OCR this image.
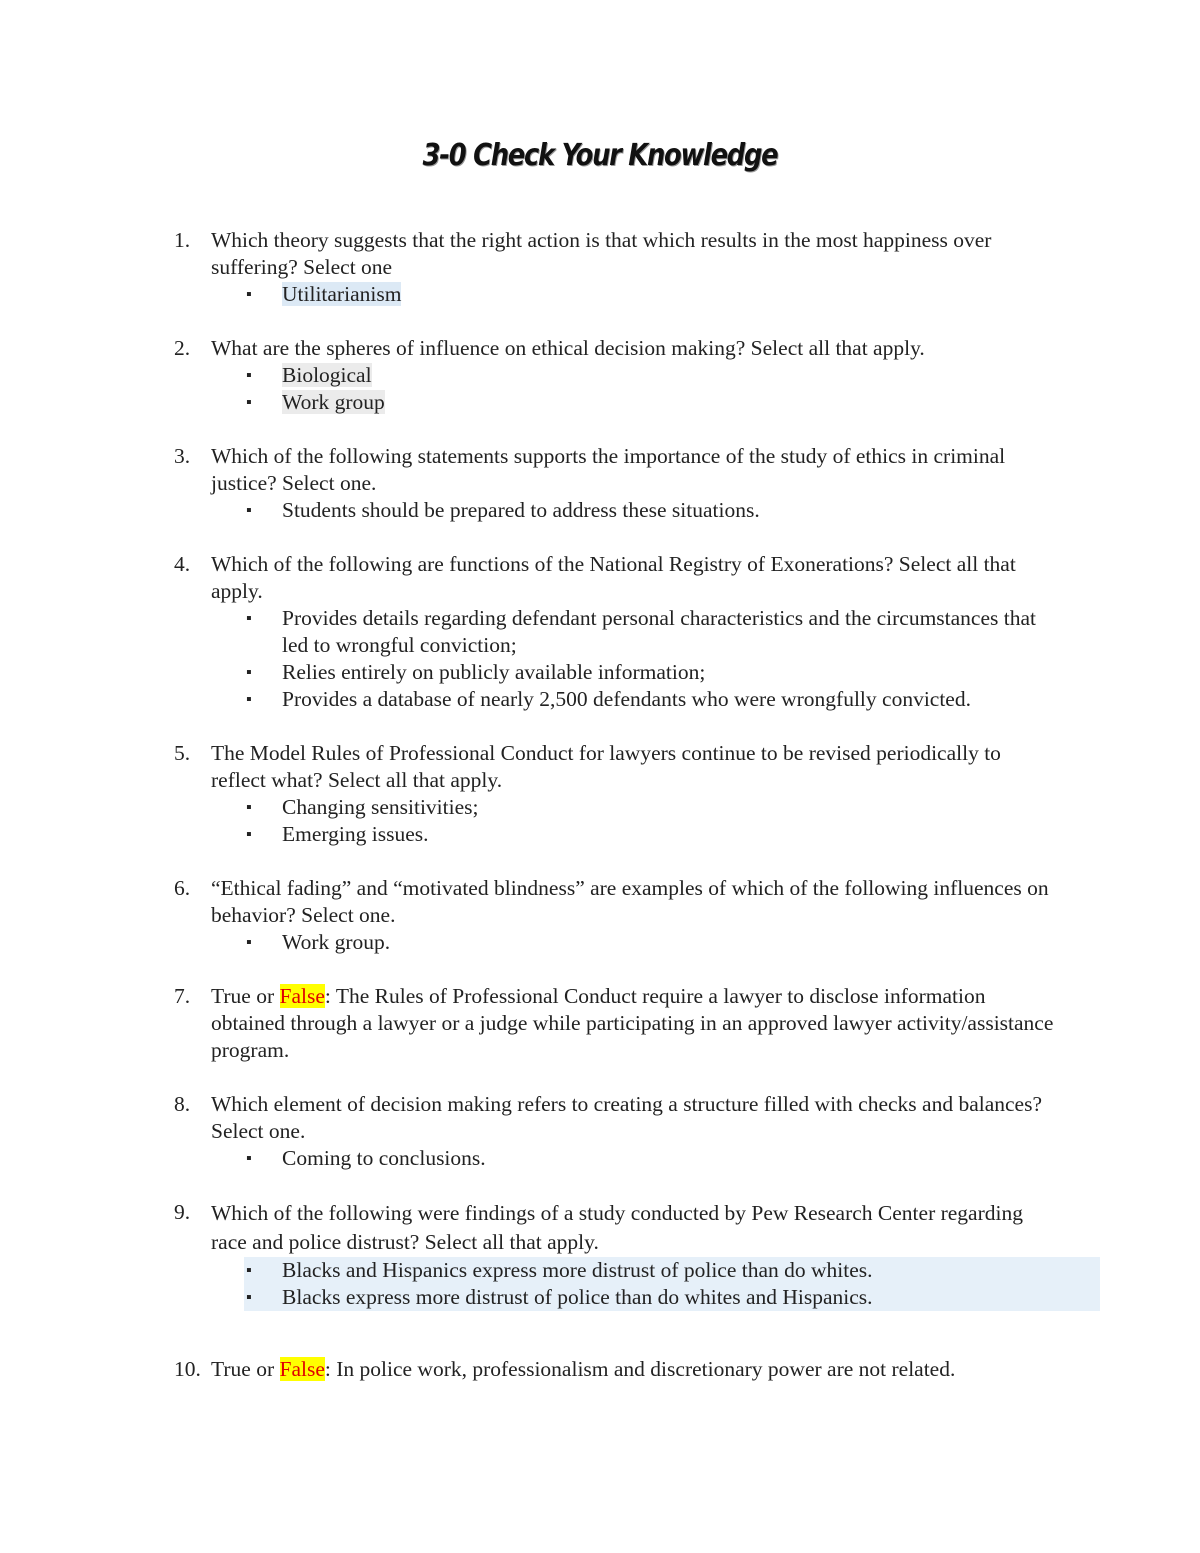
3-0 Check Your Knowledge
1. Which theory suggests that the right action is that which results in the most happiness over suffering? Select one
▪ Utilitarianism
2. What are the spheres of influence on ethical decision making? Select all that apply.
▪ Biological
▪ Work group
3. Which of the following statements supports the importance of the study of ethics in criminal justice? Select one.
▪ Students should be prepared to address these situations.
4. Which of the following are functions of the National Registry of Exonerations? Select all that apply.
▪ Provides details regarding defendant personal characteristics and the circumstances that led to wrongful conviction;
▪ Relies entirely on publicly available information;
▪ Provides a database of nearly 2,500 defendants who were wrongfully convicted.
5. The Model Rules of Professional Conduct for lawyers continue to be revised periodically to reflect what? Select all that apply.
▪ Changing sensitivities;
▪ Emerging issues.
6. “Ethical fading” and “motivated blindness” are examples of which of the following influences on behavior? Select one.
▪ Work group.
7. True or False: The Rules of Professional Conduct require a lawyer to disclose information obtained through a lawyer or a judge while participating in an approved lawyer activity/assistance program.
8. Which element of decision making refers to creating a structure filled with checks and balances? Select one.
▪ Coming to conclusions.
9. Which of the following were findings of a study conducted by Pew Research Center regarding race and police distrust? Select all that apply.
▪ Blacks and Hispanics express more distrust of police than do whites.
▪ Blacks express more distrust of police than do whites and Hispanics.
10. True or False: In police work, professionalism and discretionary power are not related.
